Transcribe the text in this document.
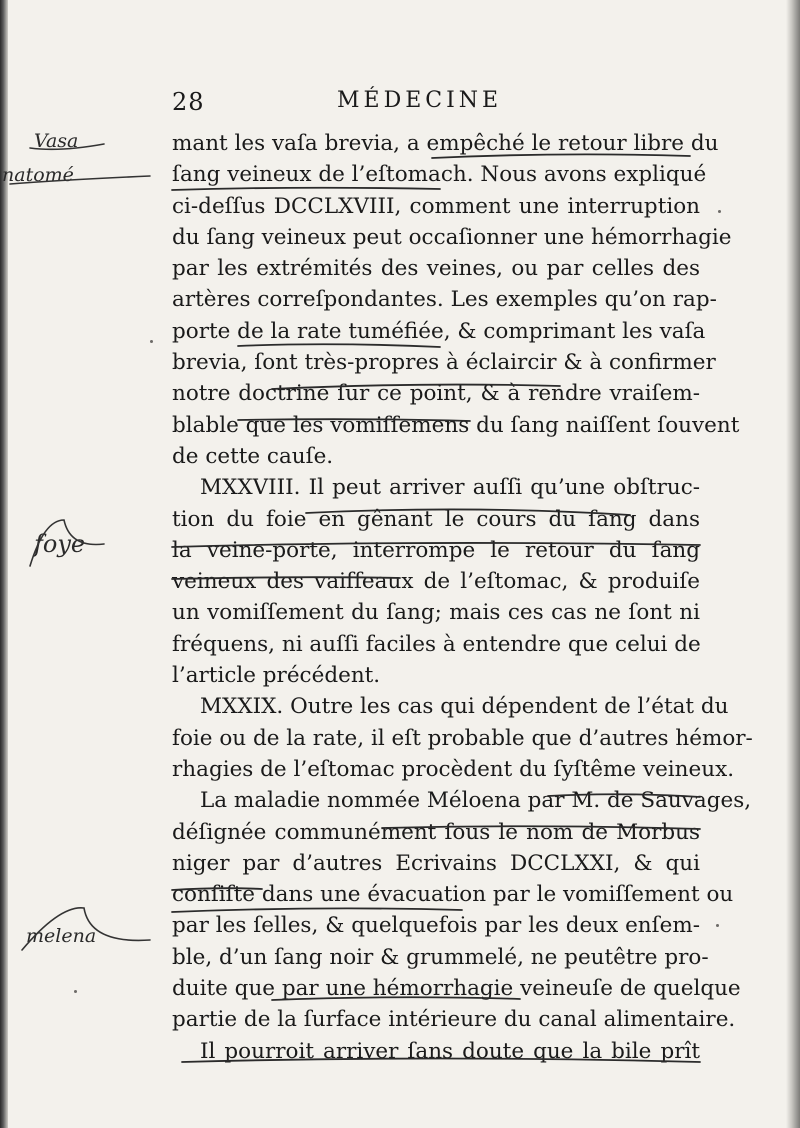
28	MÉDECINE
Vasa
natomé
foye
melena
mant les vaſa brevia, a empêché le retour libre du
ſang veineux de l’eſtomach. Nous avons expliqué
ci-deſſus DCCLXVIII, comment une interruption
du ſang veineux peut occaſionner une hémorrhagie
par les extrémités des veines, ou par celles des
artères correſpondantes. Les exemples qu’on rap-
porte de la rate tuméfiée, & comprimant les vaſa
brevia, ſont très-propres à éclaircir & à confirmer
notre doctrine ſur ce point, & à rendre vraiſem-
blable que les vomiſſemens du ſang naiſſent ſouvent
de cette cauſe.
MXXVIII. Il peut arriver auſſi qu’une obſtruc-
tion du foie en gênant le cours du ſang dans
la veine-porte, interrompe le retour du ſang
veineux des vaiſſeaux de l’eſtomac, & produiſe
un vomiſſement du ſang; mais ces cas ne ſont ni
fréquens, ni auſſi faciles à entendre que celui de
l’article précédent.
MXXIX. Outre les cas qui dépendent de l’état du
foie ou de la rate, il eſt probable que d’autres hémor-
rhagies de l’eſtomac procèdent du ſyſtême veineux.
La maladie nommée Méloena par M. de Sauvages,
déſignée communément ſous le nom de Morbus
niger par d’autres Ecrivains DCCLXXI, & qui
conſiſte dans une évacuation par le vomiſſement ou
par les ſelles, & quelquefois par les deux enſem-
ble, d’un ſang noir & grummelé, ne peutêtre pro-
duite que par une hémorrhagie veineuſe de quelque
partie de la ſurface intérieure du canal alimentaire.
Il pourroit arriver ſans doute que la bile prît
